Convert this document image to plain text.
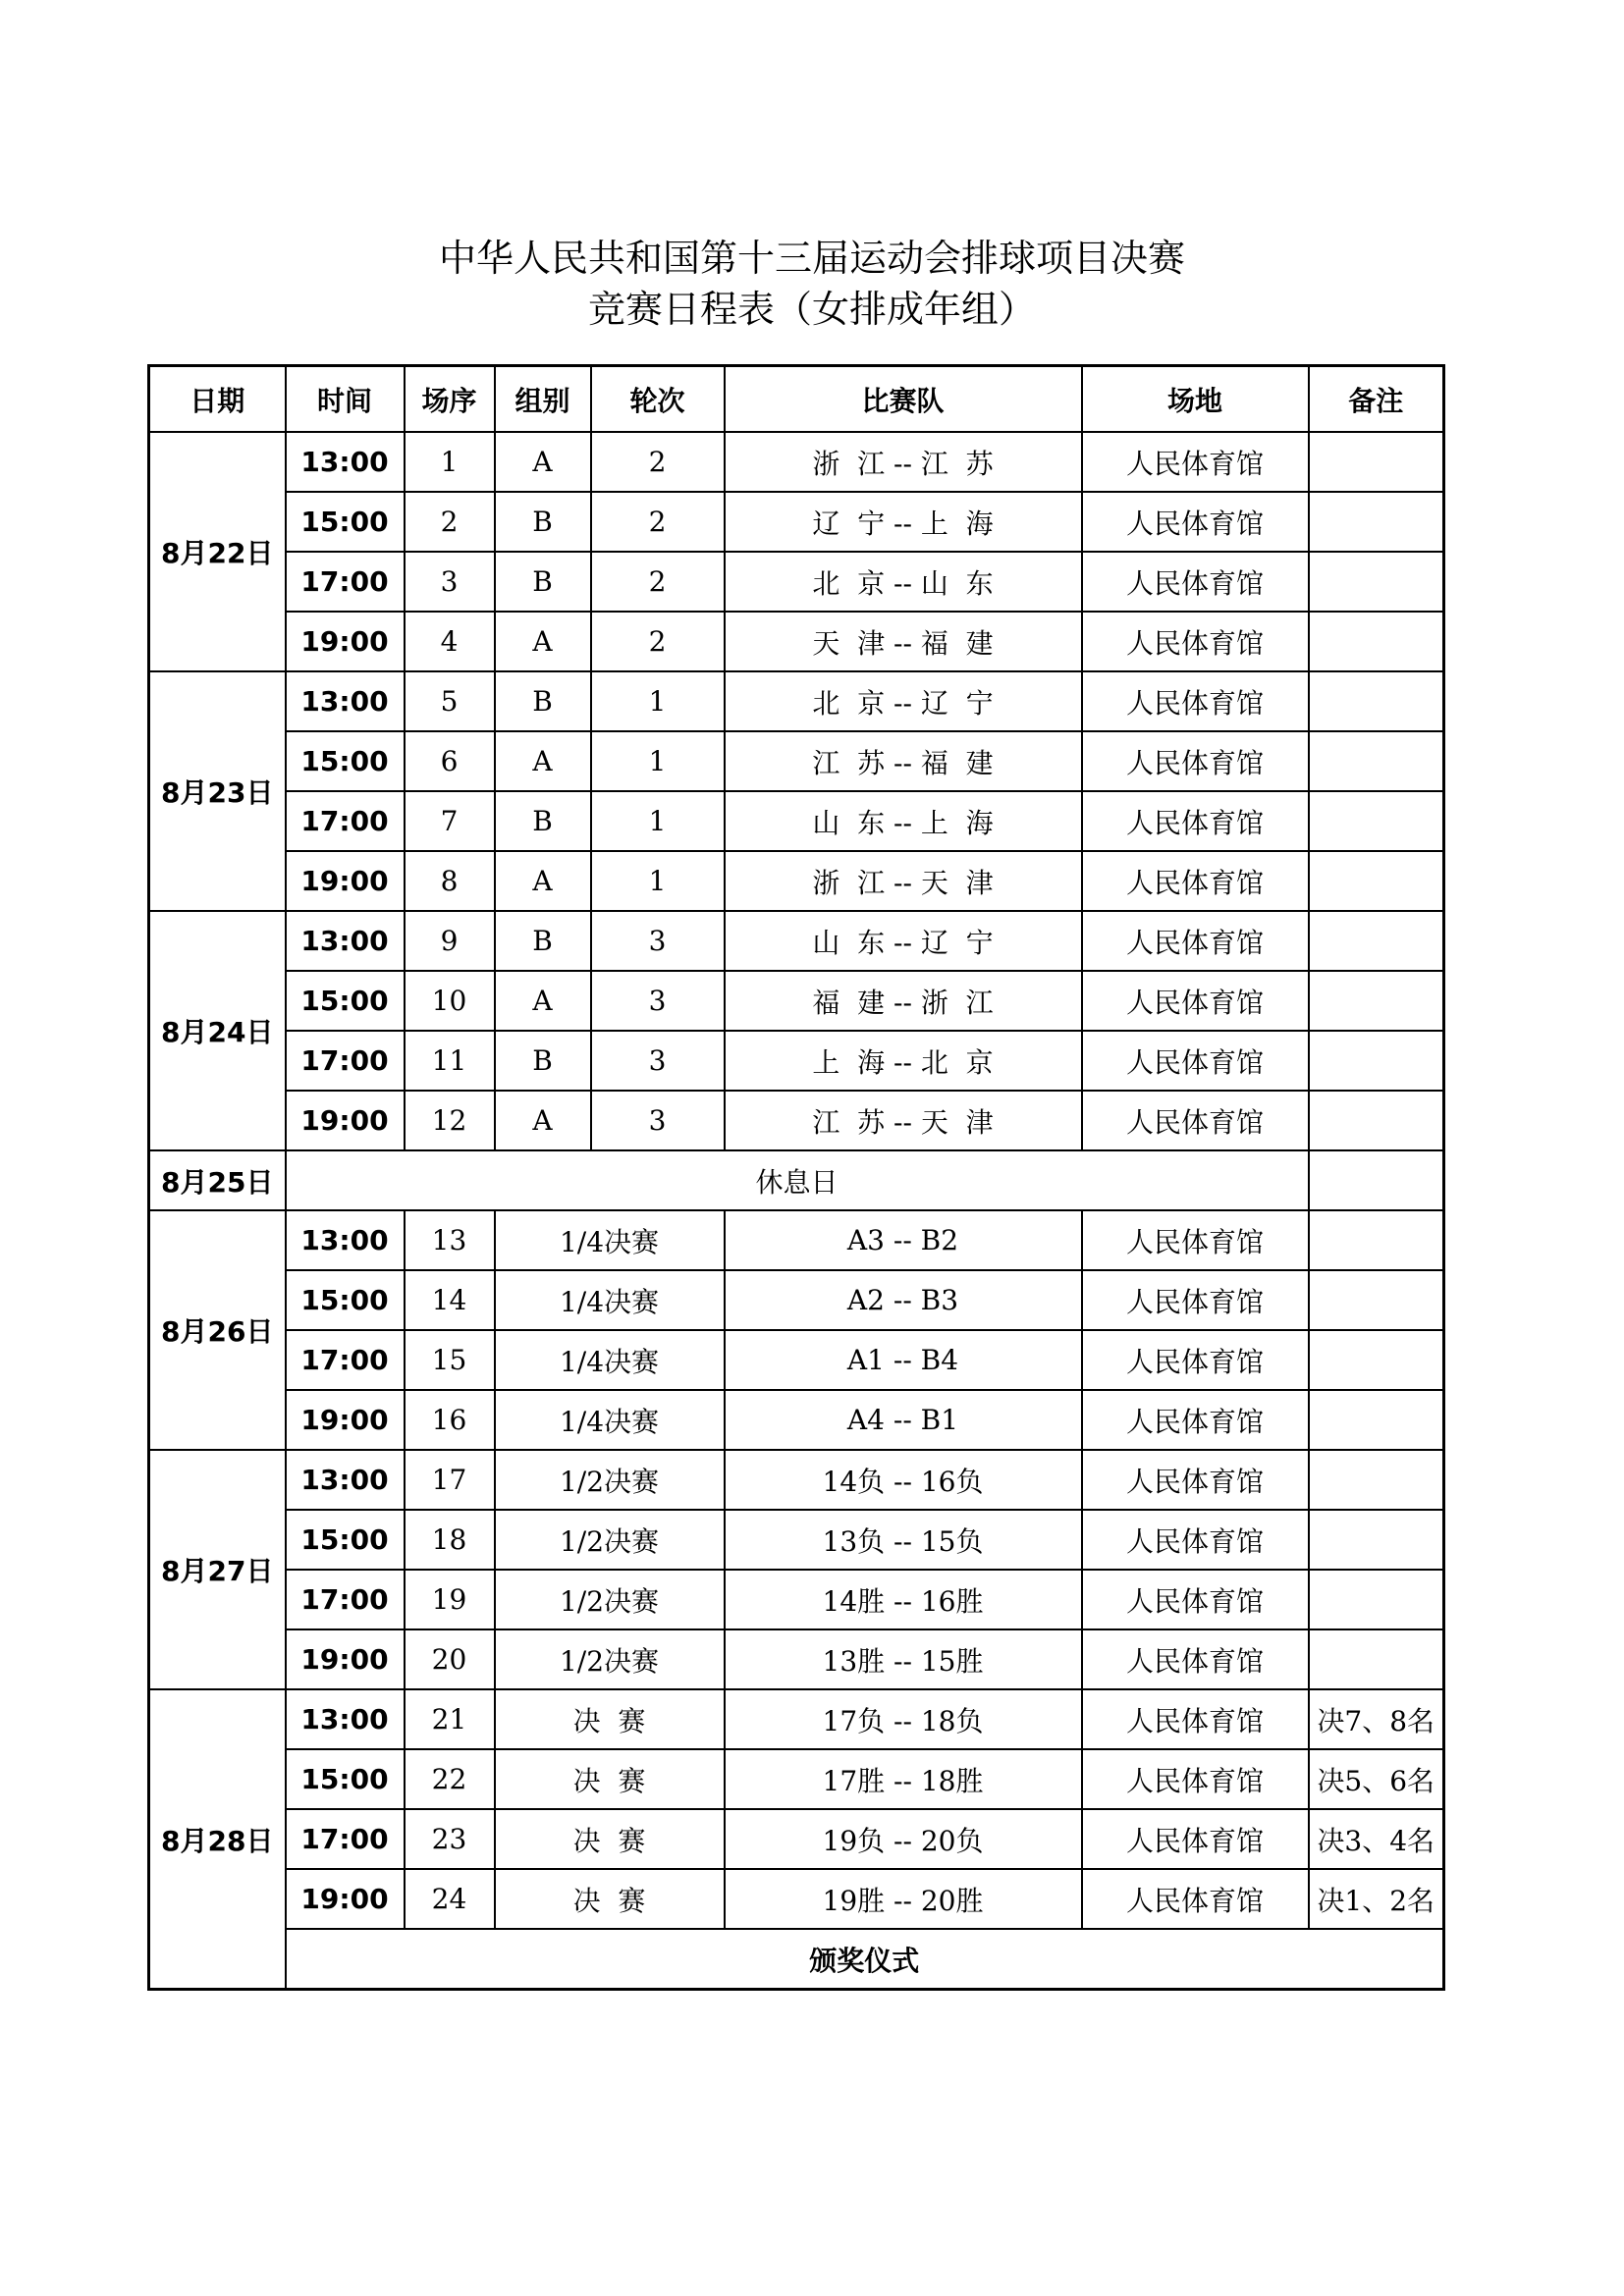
中华人民共和国第十三届运动会排球项目决赛
竞赛日程表（女排成年组）
日期	时间	场序	组别	轮次	比赛队	场地	备注
8月22日	13:00	1	A	2	浙  江 -- 江  苏	人民体育馆	
	15:00	2	B	2	辽  宁 -- 上  海	人民体育馆	
	17:00	3	B	2	北  京 -- 山  东	人民体育馆	
	19:00	4	A	2	天  津 -- 福  建	人民体育馆	
8月23日	13:00	5	B	1	北  京 -- 辽  宁	人民体育馆	
	15:00	6	A	1	江  苏 -- 福  建	人民体育馆	
	17:00	7	B	1	山  东 -- 上  海	人民体育馆	
	19:00	8	A	1	浙  江 -- 天  津	人民体育馆	
8月24日	13:00	9	B	3	山  东 -- 辽  宁	人民体育馆	
	15:00	10	A	3	福  建 -- 浙  江	人民体育馆	
	17:00	11	B	3	上  海 -- 北  京	人民体育馆	
	19:00	12	A	3	江  苏 -- 天  津	人民体育馆	
8月25日	休息日						
8月26日	13:00	13	1/4决赛		A3 -- B2	人民体育馆	
	15:00	14	1/4决赛		A2 -- B3	人民体育馆	
	17:00	15	1/4决赛		A1 -- B4	人民体育馆	
	19:00	16	1/4决赛		A4 -- B1	人民体育馆	
8月27日	13:00	17	1/2决赛		14负 -- 16负	人民体育馆	
	15:00	18	1/2决赛		13负 -- 15负	人民体育馆	
	17:00	19	1/2决赛		14胜 -- 16胜	人民体育馆	
	19:00	20	1/2决赛		13胜 -- 15胜	人民体育馆	
8月28日	13:00	21	决  赛		17负 -- 18负	人民体育馆	决7、8名
	15:00	22	决  赛		17胜 -- 18胜	人民体育馆	决5、6名
	17:00	23	决  赛		19负 -- 20负	人民体育馆	决3、4名
	19:00	24	决  赛		19胜 -- 20胜	人民体育馆	决1、2名
	颁奖仪式						
